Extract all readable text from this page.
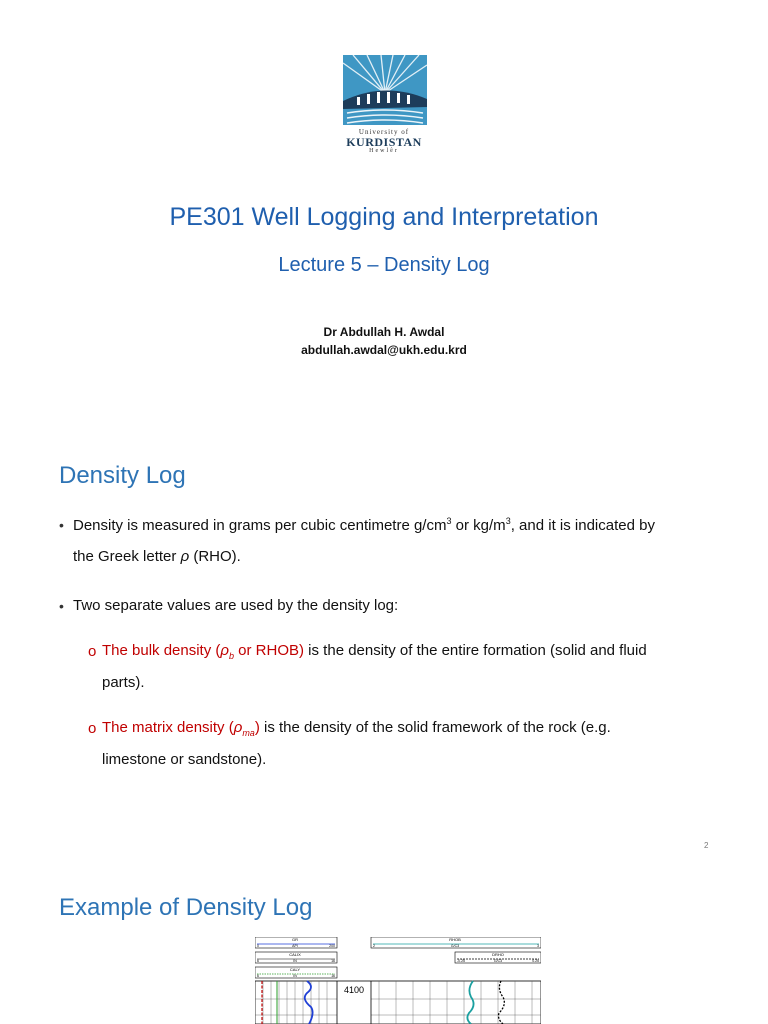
University of
KURDISTAN
Hewlêr
PE301 Well Logging and Interpretation
Lecture 5 – Density Log
Dr Abdullah H. Awdal
abdullah.awdal@ukh.edu.krd
Density Log
• Density is measured in grams per cubic centimetre $g/cm^3$ or $kg/m^3$, and it is indicated by
the Greek letter ρ (RHO).
• Two separate values are used by the density log:
o The bulk density ($\rho_b$ or RHOB) is the density of the entire formation (solid and fluid
parts).
o The matrix density $(\rho_{ma})$ is the density of the solid framework of the rock (e.g.
limestone or sandstone).
2
Example of Density Log
GR
API
0	200
CALIX
IN
6	16
CALY
IN
6	16
RHOB
G/C3
2	3
DRHO
G/C3
-0.25	0.25
4100
